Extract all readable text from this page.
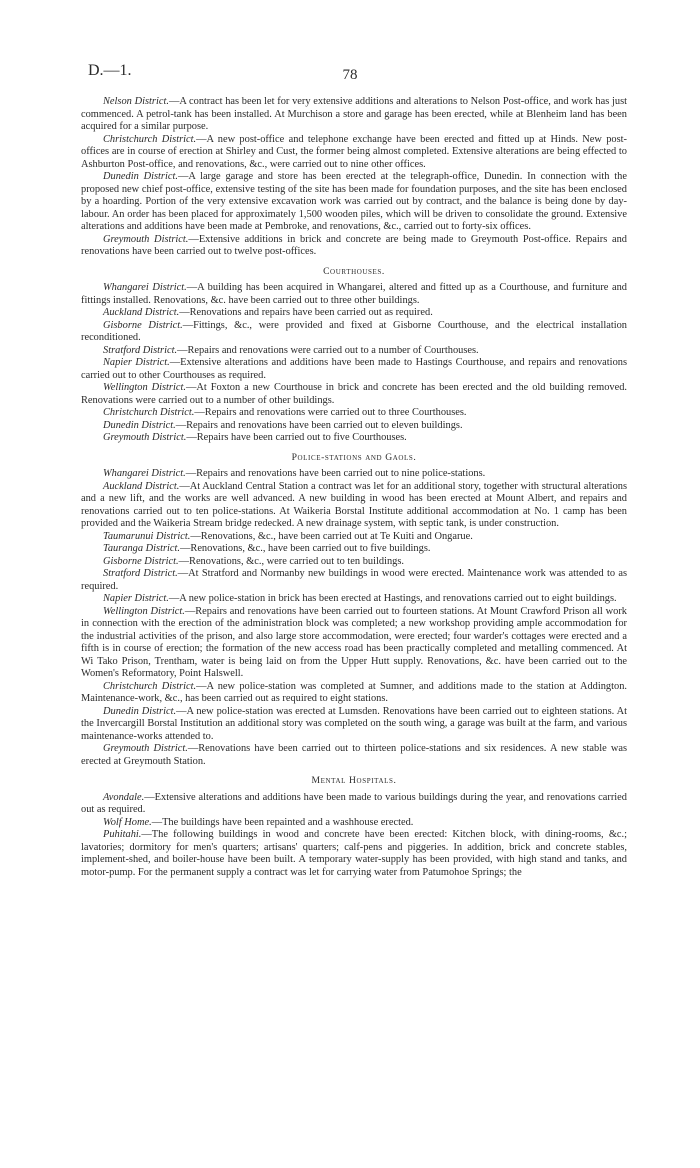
D.—1.	78

Nelson District.—A contract has been let for very extensive additions and alterations to Nelson Post-office, and work has just commenced. A petrol-tank has been installed. At Murchison a store and garage has been erected, while at Blenheim land has been acquired for a similar purpose.

Christchurch District.—A new post-office and telephone exchange have been erected and fitted up at Hinds. New post-offices are in course of erection at Shirley and Cust, the former being almost completed. Extensive alterations are being effected to Ashburton Post-office, and renovations, &c., were carried out to nine other offices.

Dunedin District.—A large garage and store has been erected at the telegraph-office, Dunedin. In connection with the proposed new chief post-office, extensive testing of the site has been made for foundation purposes, and the site has been enclosed by a hoarding. Portion of the very extensive excavation work was carried out by contract, and the balance is being done by day-labour. An order has been placed for approximately 1,500 wooden piles, which will be driven to consolidate the ground. Extensive alterations and additions have been made at Pembroke, and renovations, &c., carried out to forty-six offices.

Greymouth District.—Extensive additions in brick and concrete are being made to Greymouth Post-office. Repairs and renovations have been carried out to twelve post-offices.

Courthouses.

Whangarei District.—A building has been acquired in Whangarei, altered and fitted up as a Courthouse, and furniture and fittings installed. Renovations, &c. have been carried out to three other buildings.

Auckland District.—Renovations and repairs have been carried out as required.

Gisborne District.—Fittings, &c., were provided and fixed at Gisborne Courthouse, and the electrical installation reconditioned.

Stratford District.—Repairs and renovations were carried out to a number of Courthouses.

Napier District.—Extensive alterations and additions have been made to Hastings Courthouse, and repairs and renovations carried out to other Courthouses as required.

Wellington District.—At Foxton a new Courthouse in brick and concrete has been erected and the old building removed. Renovations were carried out to a number of other buildings.

Christchurch District.—Repairs and renovations were carried out to three Courthouses.

Dunedin District.—Repairs and renovations have been carried out to eleven buildings.

Greymouth District.—Repairs have been carried out to five Courthouses.

Police-stations and Gaols.

Whangarei District.—Repairs and renovations have been carried out to nine police-stations.

Auckland District.—At Auckland Central Station a contract was let for an additional story, together with structural alterations and a new lift, and the works are well advanced. A new building in wood has been erected at Mount Albert, and repairs and renovations carried out to ten police-stations. At Waikeria Borstal Institute additional accommodation at No. 1 camp has been provided and the Waikeria Stream bridge redecked. A new drainage system, with septic tank, is under construction.

Taumarunui District.—Renovations, &c., have been carried out at Te Kuiti and Ongarue.

Tauranga District.—Renovations, &c., have been carried out to five buildings.

Gisborne District.—Renovations, &c., were carried out to ten buildings.

Stratford District.—At Stratford and Normanby new buildings in wood were erected. Maintenance work was attended to as required.

Napier District.—A new police-station in brick has been erected at Hastings, and renovations carried out to eight buildings.

Wellington District.—Repairs and renovations have been carried out to fourteen stations. At Mount Crawford Prison all work in connection with the erection of the administration block was completed; a new workshop providing ample accommodation for the industrial activities of the prison, and also large store accommodation, were erected; four warder's cottages were erected and a fifth is in course of erection; the formation of the new access road has been practically completed and metalling commenced. At Wi Tako Prison, Trentham, water is being laid on from the Upper Hutt supply. Renovations, &c. have been carried out to the Women's Reformatory, Point Halswell.

Christchurch District.—A new police-station was completed at Sumner, and additions made to the station at Addington. Maintenance-work, &c., has been carried out as required to eight stations.

Dunedin District.—A new police-station was erected at Lumsden. Renovations have been carried out to eighteen stations. At the Invercargill Borstal Institution an additional story was completed on the south wing, a garage was built at the farm, and various maintenance-works attended to.

Greymouth District.—Renovations have been carried out to thirteen police-stations and six residences. A new stable was erected at Greymouth Station.

Mental Hospitals.

Avondale.—Extensive alterations and additions have been made to various buildings during the year, and renovations carried out as required.

Wolf Home.—The buildings have been repainted and a washhouse erected.

Puhitahi.—The following buildings in wood and concrete have been erected: Kitchen block, with dining-rooms, &c.; lavatories; dormitory for men's quarters; artisans' quarters; calf-pens and piggeries. In addition, brick and concrete stables, implement-shed, and boiler-house have been built. A temporary water-supply has been provided, with high stand and tanks, and motor-pump. For the permanent supply a contract was let for carrying water from Patumohoe Springs; the
